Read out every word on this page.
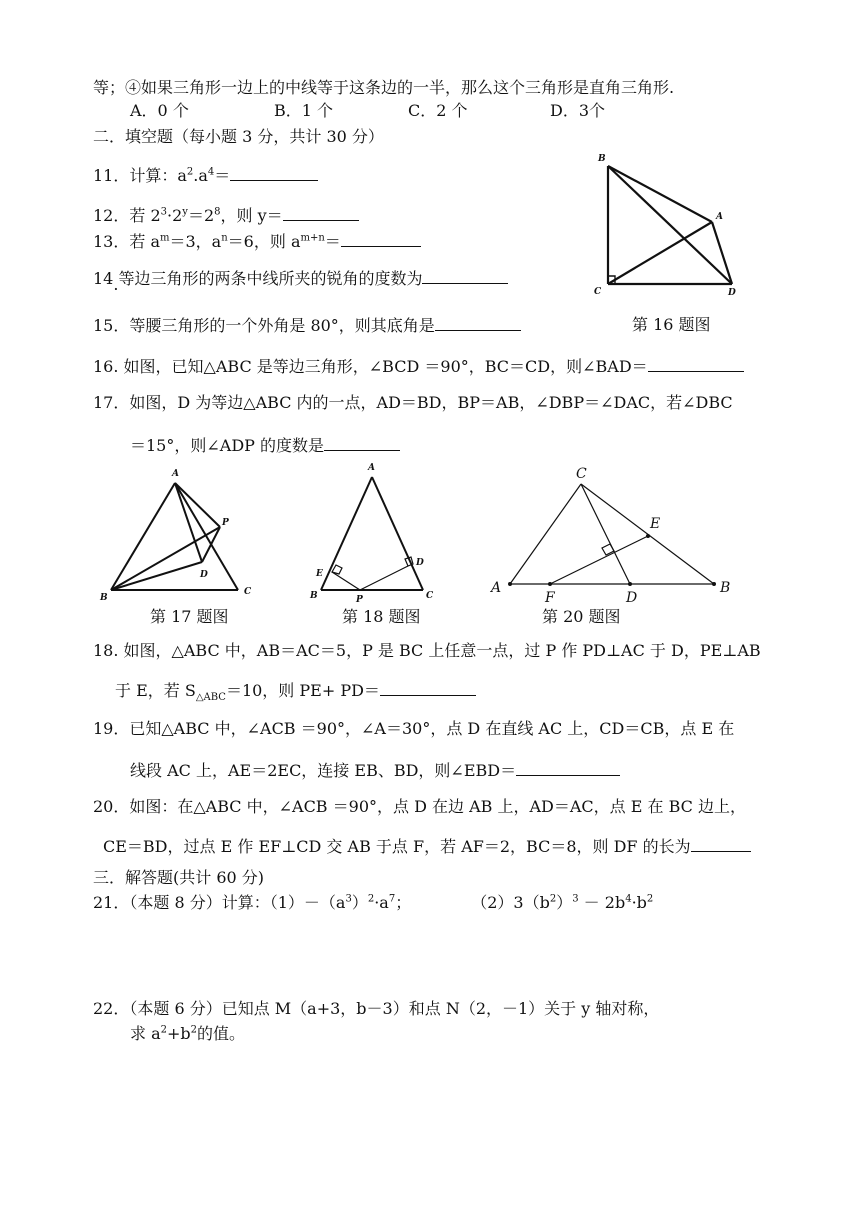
等；④如果三角形一边上的中线等于这条边的一半，那么这个三角形是直角三角形.
A．0 个	B．1 个	C．2 个	D．3个
二．填空题（每小题 3 分，共计 30 分）
11．计算：$a^2.a^4=$
12．若 $2^3\cdot 2^y=2^8$，则 y＝
13．若 $a^m=3$，$a^n=6$，则 $a^{m+n}=$
14.等边三角形的两条中线所夹的锐角的度数为
15．等腰三角形的一个外角是 80°，则其底角是
B
A
C	D
第 16 题图
16. 如图，已知△ABC 是等边三角形，∠BCD ＝90°，BC＝CD，则∠BAD＝
17．如图，D 为等边△ABC 内的一点，AD＝BD，BP＝AB，∠DBP＝∠DAC，若∠DBC
＝15°，则∠ADP 的度数是
A
P
D
B
C
第 17 题图
A
E
D
B	P	C
第 18 题图
C
E
A
F	D
B
第 20 题图
18. 如图，△ABC 中，AB＝AC＝5，P 是 BC 上任意一点，过 P 作 PD⊥AC 于 D，PE⊥AB
于 E，若 $S_{\triangle ABC}=10$，则 PE+ PD＝
19．已知△ABC 中，∠ACB ＝90°，∠A＝30°，点 D 在直线 AC 上，CD＝CB，点 E 在
线段 AC 上，AE＝2EC，连接 EB、BD，则∠EBD＝
20．如图：在△ABC 中，∠ACB ＝90°，点 D 在边 AB 上，AD＝AC，点 E 在 BC 边上，
CE＝BD，过点 E 作 EF⊥CD 交 AB 于点 F，若 AF＝2，BC＝8，则 DF 的长为
三．解答题(共计 60 分)
21．（本题 8 分）计算：$(1)-(a^3)^2\cdot a^7$；	$(2)3(b^2)^3 - 2b^4\cdot b^2$
22．（本题 6 分）已知点 M（a+3，b－3）和点 N（2，－1）关于 y 轴对称，
求 $a^2+b^2$的值。
